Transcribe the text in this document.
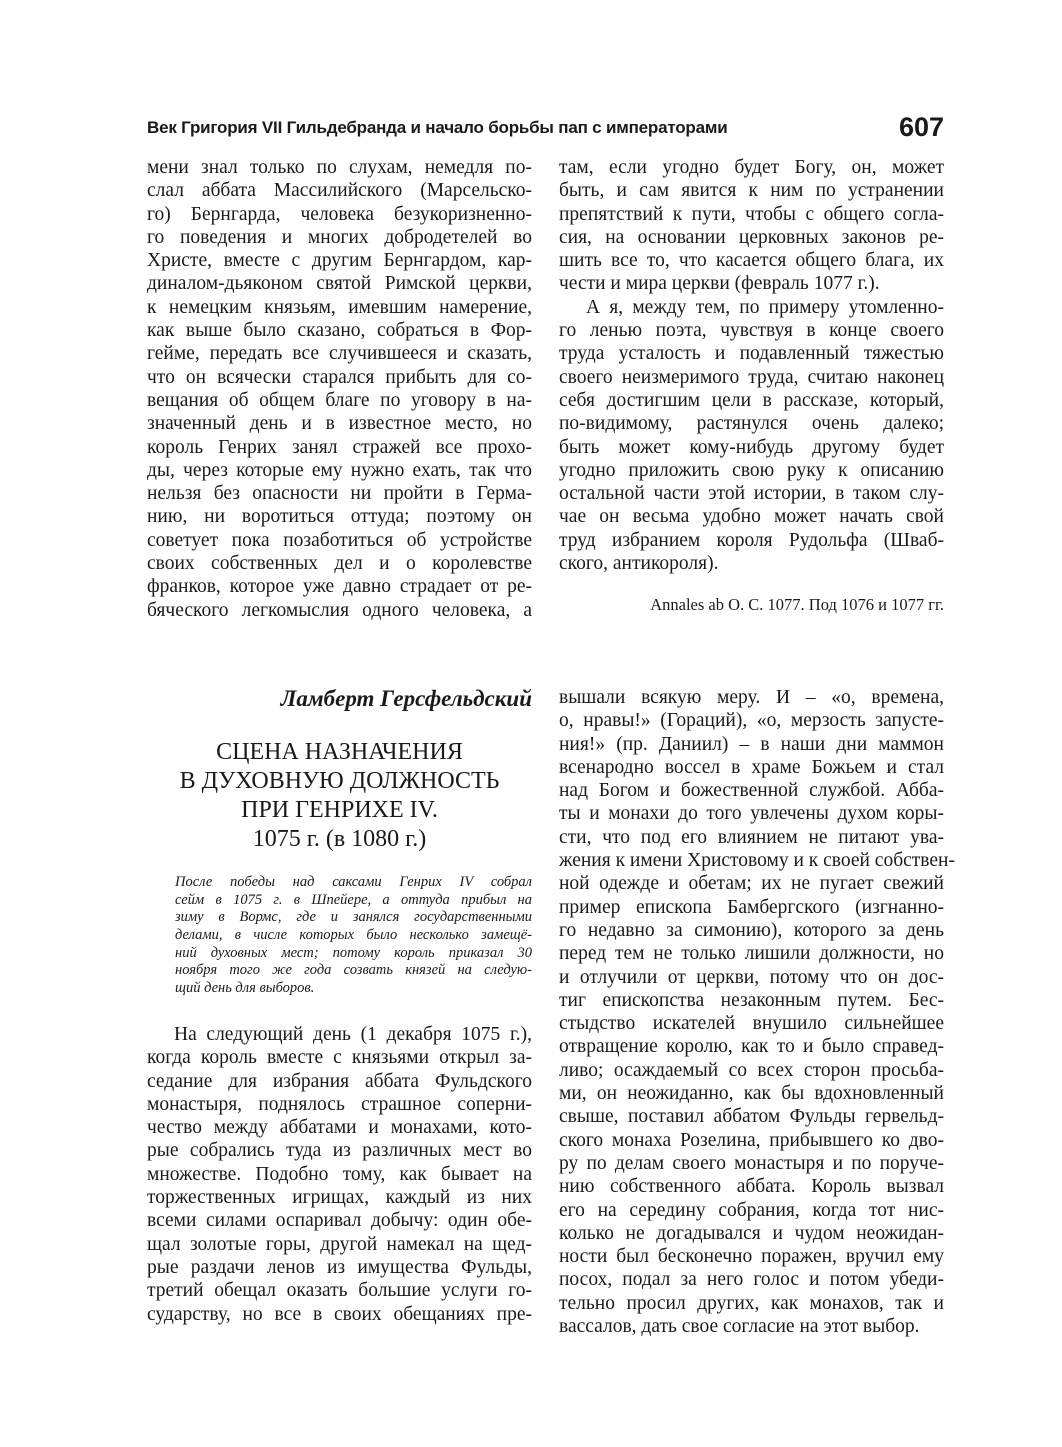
Век Григория VII Гильдебранда и начало борьбы пап с императорами	607
мени знал только по слухам, немедля по-
слал аббата Массилийского (Марсельско-
го) Бернгарда, человека безукоризненно-
го поведения и многих добродетелей во
Христе, вместе с другим Бернгардом, кар-
диналом-дьяконом святой Римской церкви,
к немецким князьям, имевшим намерение,
как выше было сказано, собраться в Фор-
гейме, передать все случившееся и сказать,
что он всячески старался прибыть для со-
вещания об общем благе по уговору в на-
значенный день и в известное место, но
король Генрих занял стражей все прохо-
ды, через которые ему нужно ехать, так что
нельзя без опасности ни пройти в Герма-
нию, ни воротиться оттуда; поэтому он
советует пока позаботиться об устройстве
своих собственных дел и о королевстве
франков, которое уже давно страдает от ре-
бяческого легкомыслия одного человека, а
там, если угодно будет Богу, он, может
быть, и сам явится к ним по устранении
препятствий к пути, чтобы с общего согла-
сия, на основании церковных законов ре-
шить все то, что касается общего блага, их
чести и мира церкви (февраль 1077 г.).
А я, между тем, по примеру утомленно-
го ленью поэта, чувствуя в конце своего
труда усталость и подавленный тяжестью
своего неизмеримого труда, считаю наконец
себя достигшим цели в рассказе, который,
по-видимому, растянулся очень далеко;
быть может кому-нибудь другому будет
угодно приложить свою руку к описанию
остальной части этой истории, в таком слу-
чае он весьма удобно может начать свой
труд избранием короля Рудольфа (Шваб-
ского, антикороля).
Annales ab O. C. 1077. Под 1076 и 1077 гг.
Ламберт Герсфельдский
СЦЕНА НАЗНАЧЕНИЯ
В ДУХОВНУЮ ДОЛЖНОСТЬ
ПРИ ГЕНРИХЕ IV.
1075 г. (в 1080 г.)
После победы над саксами Генрих IV собрал
сейм в 1075 г. в Шпейере, а оттуда прибыл на
зиму в Вормс, где и занялся государственными
делами, в числе которых было несколько замещё-
ний духовных мест; потому король приказал 30
ноября того же года созвать князей на следую-
щий день для выборов.
На следующий день (1 декабря 1075 г.),
когда король вместе с князьями открыл за-
седание для избрания аббата Фульдского
монастыря, поднялось страшное соперни-
чество между аббатами и монахами, кото-
рые собрались туда из различных мест во
множестве. Подобно тому, как бывает на
торжественных игрищах, каждый из них
всеми силами оспаривал добычу: один обе-
щал золотые горы, другой намекал на щед-
рые раздачи ленов из имущества Фульды,
третий обещал оказать большие услуги го-
сударству, но все в своих обещаниях пре-
вышали всякую меру. И – «о, времена,
о, нравы!» (Гораций), «о, мерзость запусте-
ния!» (пр. Даниил) – в наши дни маммон
всенародно воссел в храме Божьем и стал
над Богом и божественной службой. Абба-
ты и монахи до того увлечены духом коры-
сти, что под его влиянием не питают ува-
жения к имени Христовому и к своей собствен-
ной одежде и обетам; их не пугает свежий
пример епископа Бамбергского (изгнанно-
го недавно за симонию), которого за день
перед тем не только лишили должности, но
и отлучили от церкви, потому что он дос-
тиг епископства незаконным путем. Бес-
стыдство искателей внушило сильнейшее
отвращение королю, как то и было справед-
ливо; осаждаемый со всех сторон просьба-
ми, он неожиданно, как бы вдохновленный
свыше, поставил аббатом Фульды гервельд-
ского монаха Розелина, прибывшего ко дво-
ру по делам своего монастыря и по поруче-
нию собственного аббата. Король вызвал
его на середину собрания, когда тот нис-
колько не догадывался и чудом неожидан-
ности был бесконечно поражен, вручил ему
посох, подал за него голос и потом убеди-
тельно просил других, как монахов, так и
вассалов, дать свое согласие на этот выбор.
